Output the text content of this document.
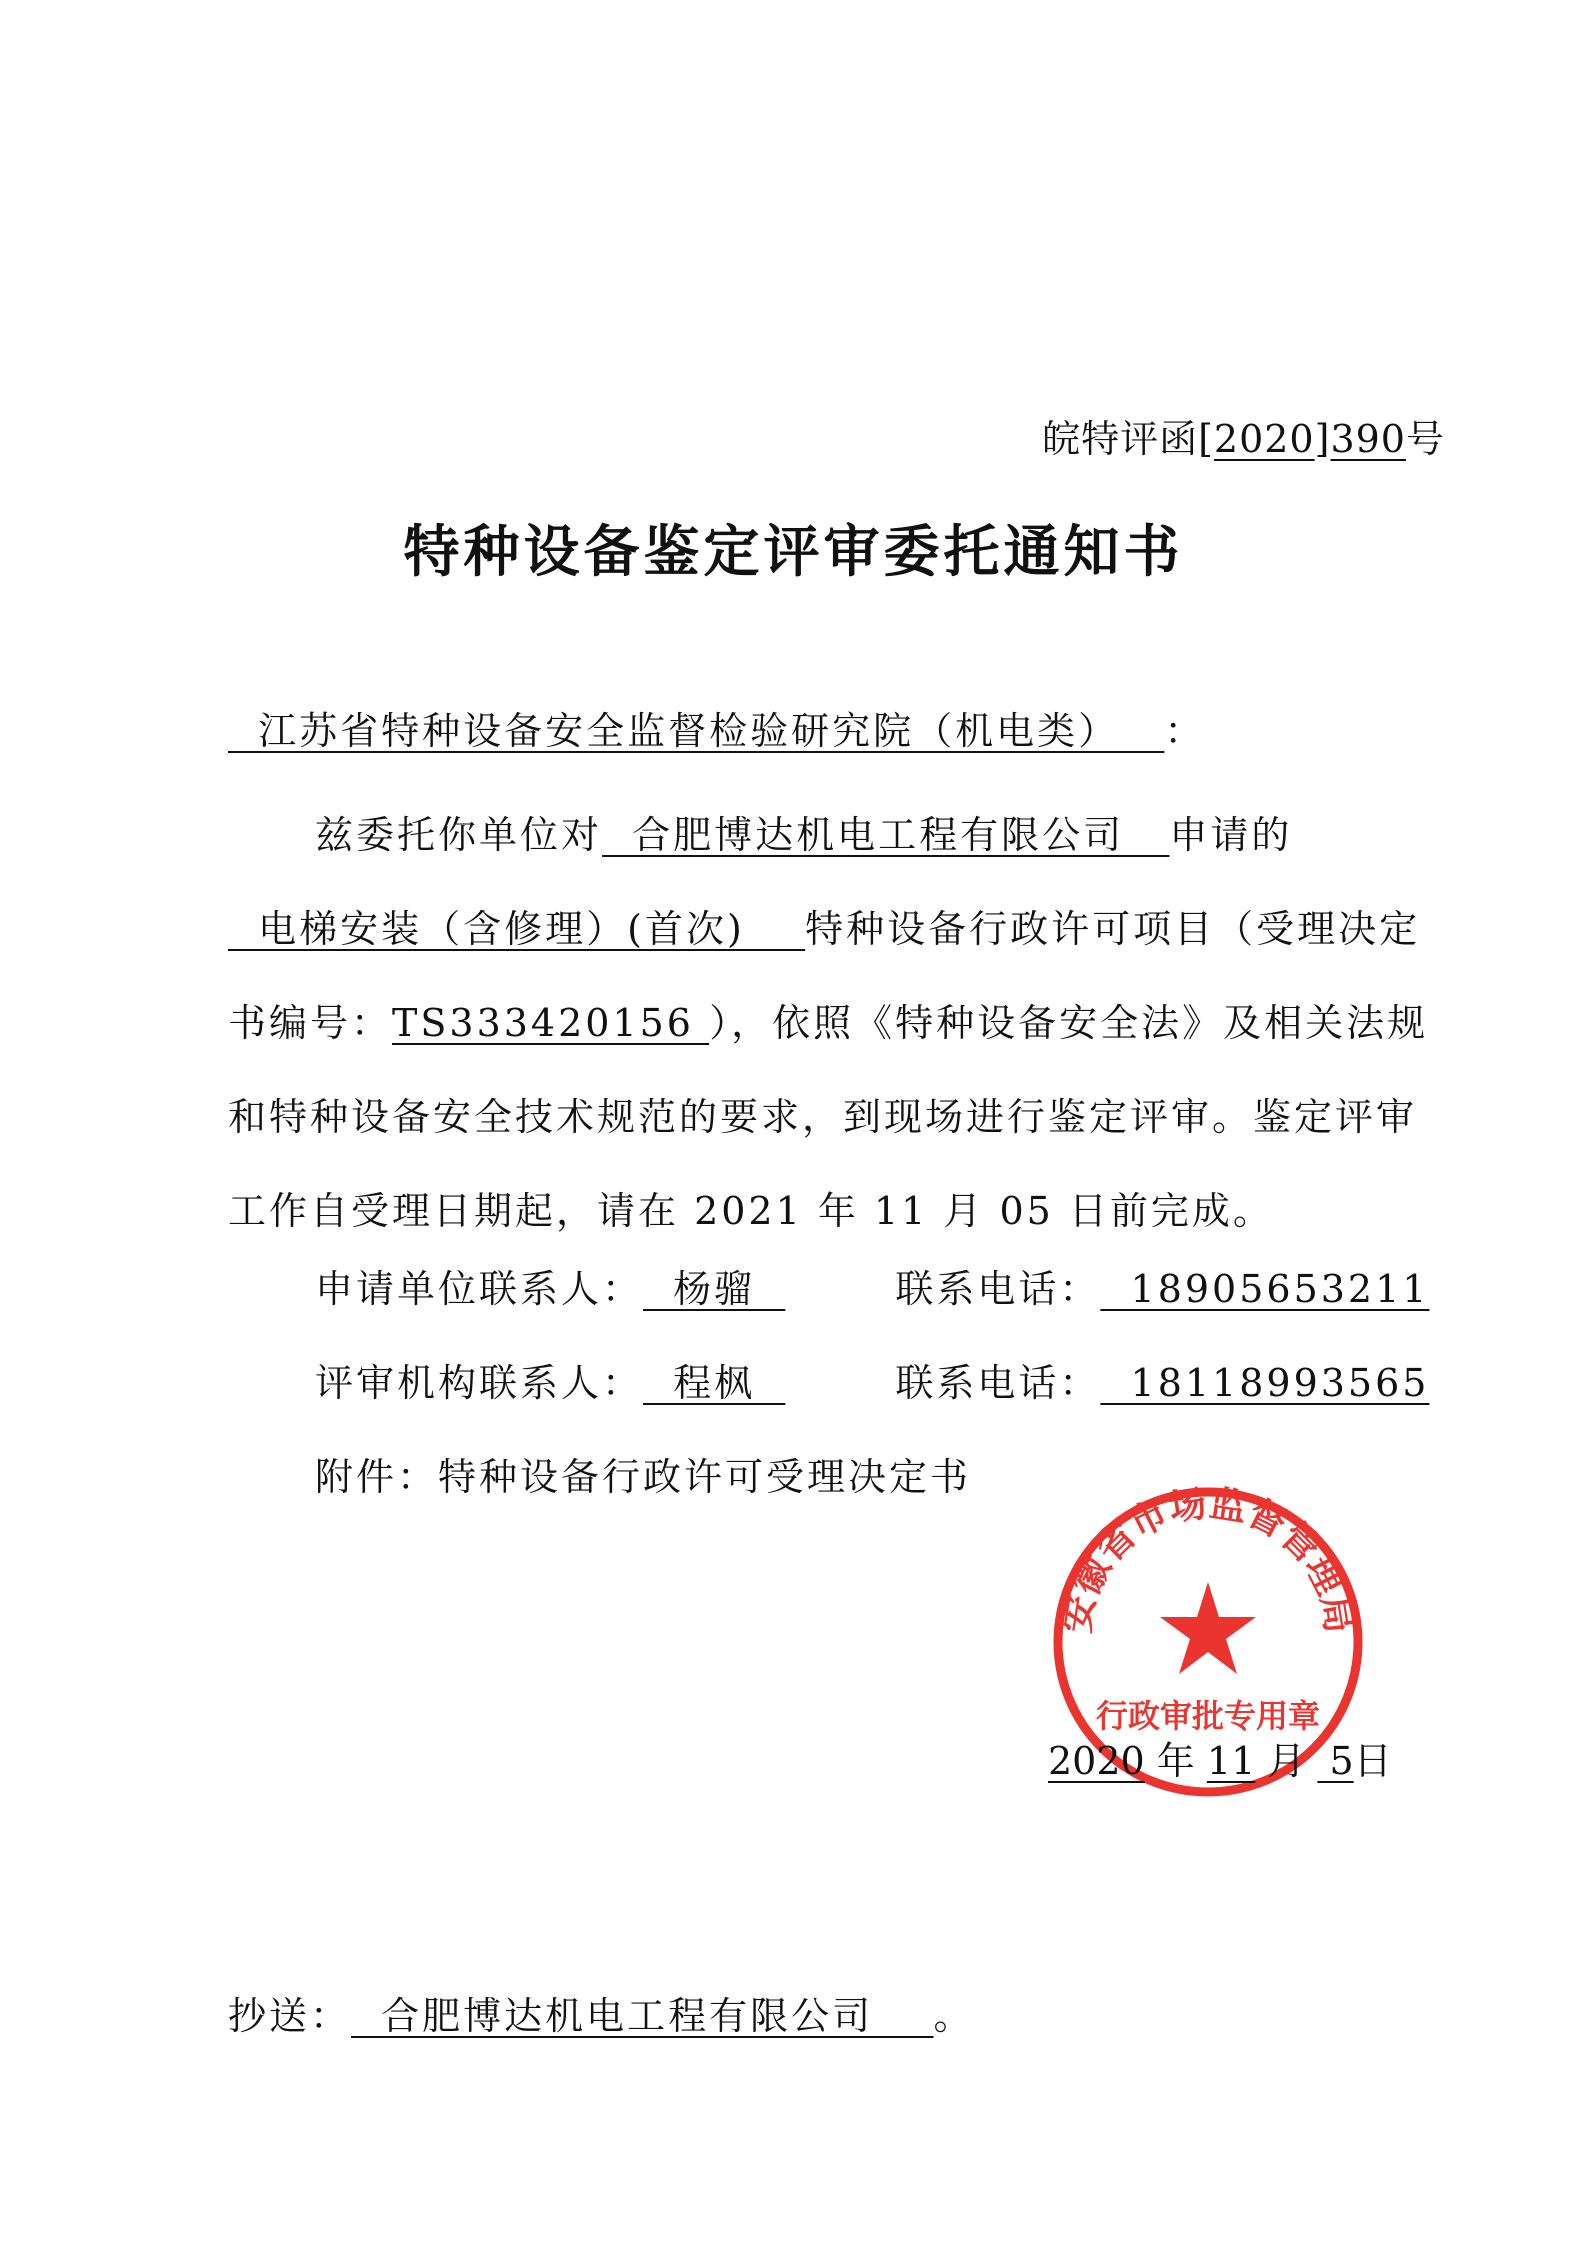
皖特评函[2020]390号
特种设备鉴定评审委托通知书
江苏省特种设备安全监督检验研究院（机电类）   ：
兹委托你单位对  合肥博达机电工程有限公司   申请的  电梯安装（含修理）(首次)    特种设备行政许可项目（受理决定书编号：TS333420156 ），依照《特种设备安全法》及相关法规和特种设备安全技术规范的要求，到现场进行鉴定评审。鉴定评审工作自受理日期起，请在 2021 年 11 月 05 日前完成。
申请单位联系人：  杨骝	联系电话：  18905653211
评审机构联系人：  程枫	联系电话：  18118993565
附件：特种设备行政许可受理决定书
安徽省市场监督管理局
行政审批专用章
2020 年 11 月  5日
抄送：  合肥博达机电工程有限公司    。
